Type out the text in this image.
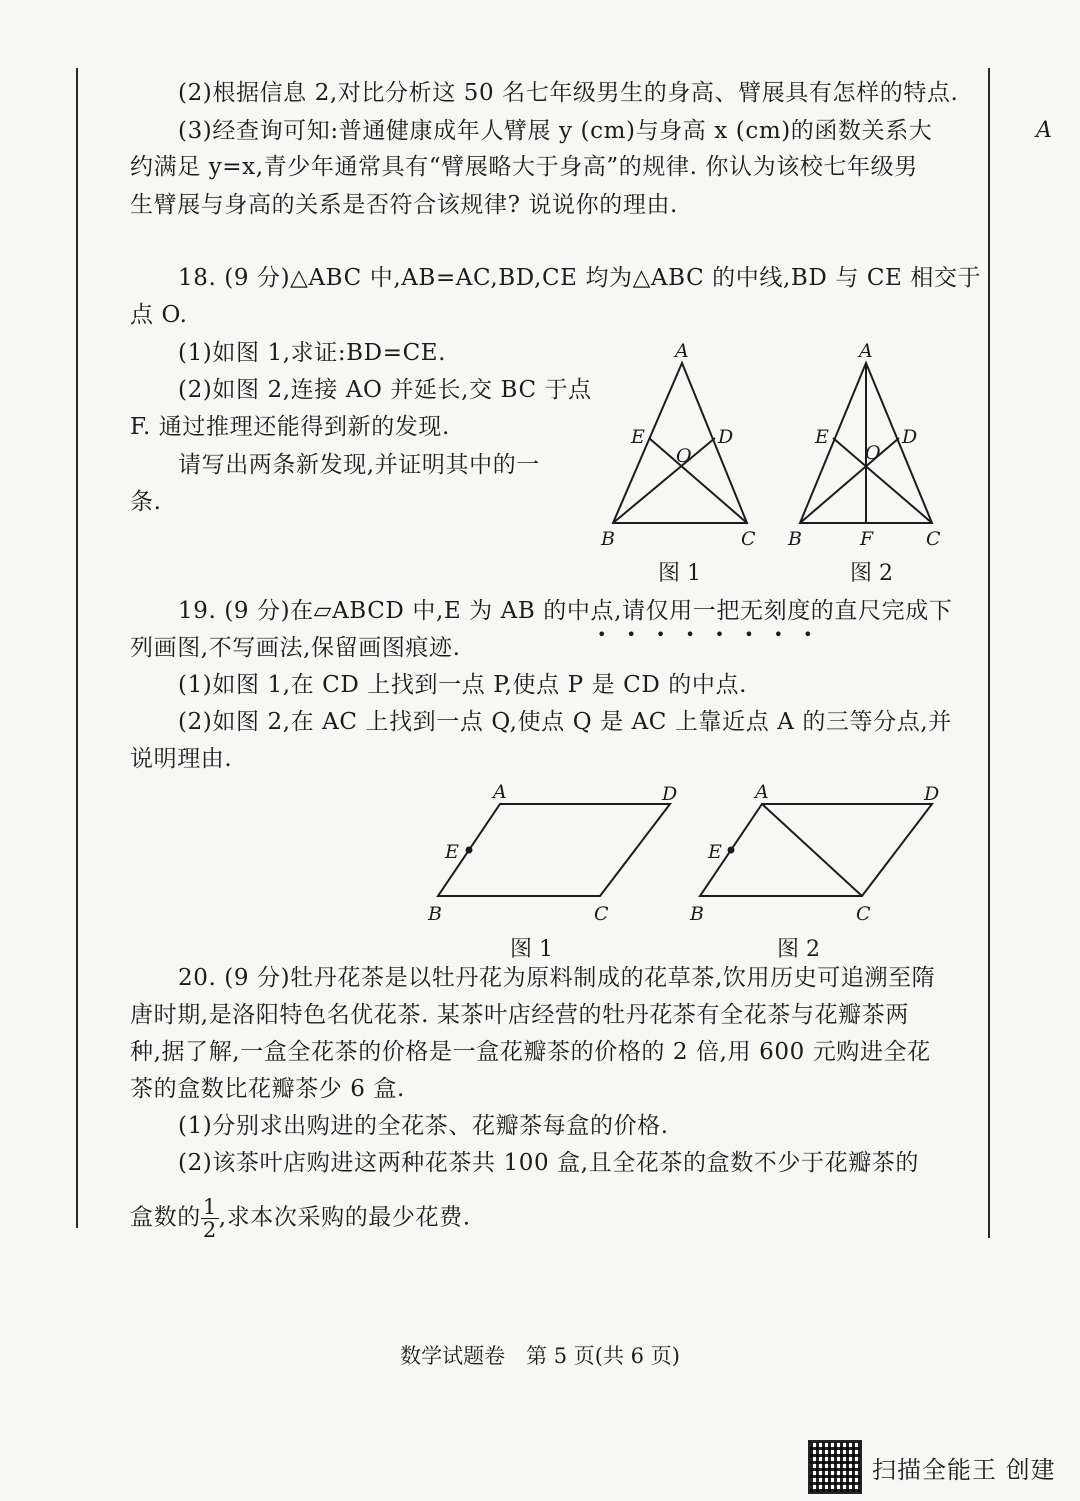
A
(2)根据信息 2,对比分析这 50 名七年级男生的身高、臂展具有怎样的特点.
(3)经查询可知:普通健康成年人臂展 y (cm)与身高 x (cm)的函数关系大
约满足 y=x,青少年通常具有“臂展略大于身高”的规律. 你认为该校七年级男
生臂展与身高的关系是否符合该规律? 说说你的理由.
18. (9 分)△ABC 中,AB=AC,BD,CE 均为△ABC 的中线,BD 与 CE 相交于
点 O.
(1)如图 1,求证:BD=CE.
(2)如图 2,连接 AO 并延长,交 BC 于点
F. 通过推理还能得到新的发现.
请写出两条新发现,并证明其中的一
条.
A
B	C
D
E
O
图 1
A
B	C
D
E
O
F
图 2
19. (9 分)在▱ABCD 中,E 为 AB 的中点,请仅用一把无刻度的直尺完成下
••••••••
列画图,不写画法,保留画图痕迹.
(1)如图 1,在 CD 上找到一点 P,使点 P 是 CD 的中点.
(2)如图 2,在 AC 上找到一点 Q,使点 Q 是 AC 上靠近点 A 的三等分点,并
说明理由.
A	D
B	C
E
图 1
A	D
B	C
E
图 2
20. (9 分)牡丹花茶是以牡丹花为原料制成的花草茶,饮用历史可追溯至隋
唐时期,是洛阳特色名优花茶. 某茶叶店经营的牡丹花茶有全花茶与花瓣茶两
种,据了解,一盒全花茶的价格是一盒花瓣茶的价格的 2 倍,用 600 元购进全花
茶的盒数比花瓣茶少 6 盒.
(1)分别求出购进的全花茶、花瓣茶每盒的价格.
(2)该茶叶店购进这两种花茶共 100 盒,且全花茶的盒数不少于花瓣茶的
盒数的 $\frac{1}{2}$ ,求本次采购的最少花费.
数学试题卷　第 5 页(共 6 页)
扫描全能王 创建
